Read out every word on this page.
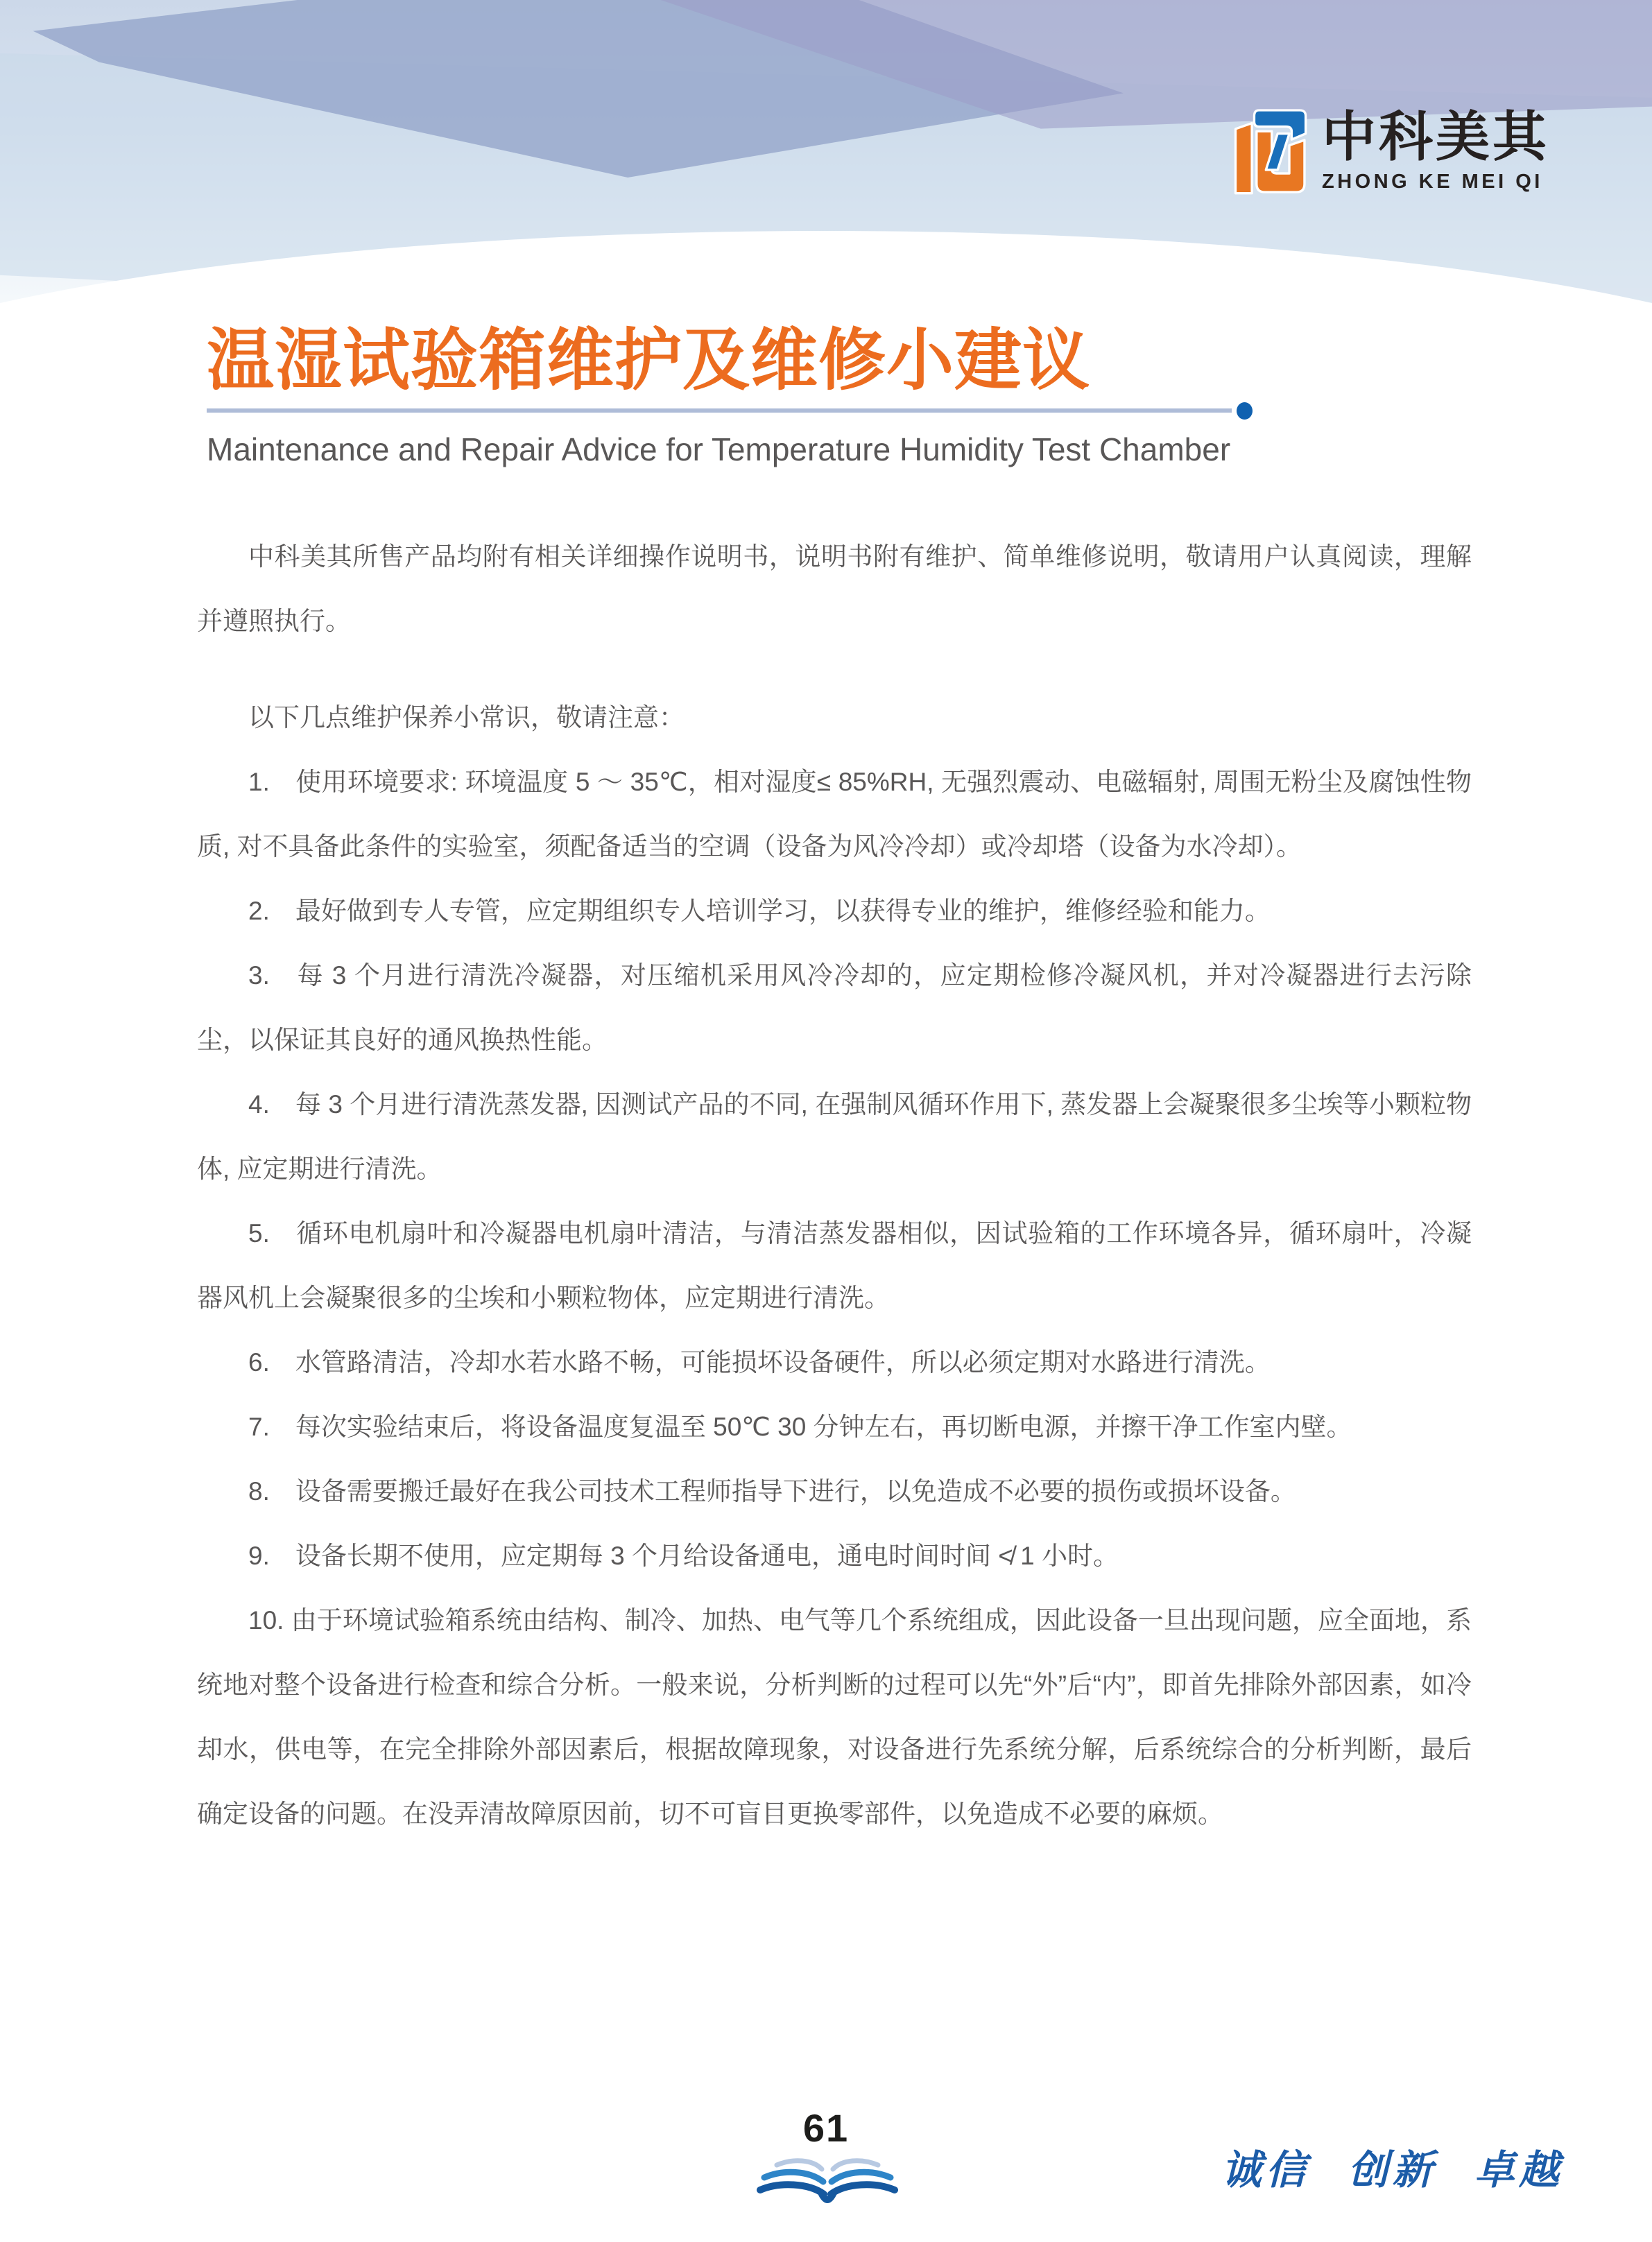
中科美其
ZHONG KE MEI QI
温湿试验箱维护及维修小建议

Maintenance and Repair Advice for Temperature Humidity Test Chamber

中科美其所售产品均附有相关详细操作说明书，说明书附有维护、简单维修说明，敬请用户认真阅读，理解并遵照执行。

以下几点维护保养小常识，敬请注意：

1.　使用环境要求: 环境温度 5 ～ 35℃，相对湿度≤ 85%RH, 无强烈震动、电磁辐射, 周围无粉尘及腐蚀性物质, 对不具备此条件的实验室，须配备适当的空调（设备为风冷冷却）或冷却塔（设备为水冷却）。

2.　最好做到专人专管，应定期组织专人培训学习，以获得专业的维护，维修经验和能力。

3.　每 3 个月进行清洗冷凝器，对压缩机采用风冷冷却的，应定期检修冷凝风机，并对冷凝器进行去污除尘，以保证其良好的通风换热性能。

4.　每 3 个月进行清洗蒸发器, 因测试产品的不同, 在强制风循环作用下, 蒸发器上会凝聚很多尘埃等小颗粒物体, 应定期进行清洗。

5.　循环电机扇叶和冷凝器电机扇叶清洁，与清洁蒸发器相似，因试验箱的工作环境各异，循环扇叶，冷凝器风机上会凝聚很多的尘埃和小颗粒物体，应定期进行清洗。

6.　水管路清洁，冷却水若水路不畅，可能损坏设备硬件，所以必须定期对水路进行清洗。

7.　每次实验结束后，将设备温度复温至 50℃ 30 分钟左右，再切断电源，并擦干净工作室内壁。

8.　设备需要搬迁最好在我公司技术工程师指导下进行，以免造成不必要的损伤或损坏设备。

9.　设备长期不使用，应定期每 3 个月给设备通电，通电时间时间 ≮ 1 小时。

10. 由于环境试验箱系统由结构、制冷、加热、电气等几个系统组成，因此设备一旦出现问题，应全面地，系统地对整个设备进行检查和综合分析。一般来说，分析判断的过程可以先“外”后“内”，即首先排除外部因素，如冷却水，供电等，在完全排除外部因素后，根据故障现象，对设备进行先系统分解，后系统综合的分析判断，最后确定设备的问题。在没弄清故障原因前，切不可盲目更换零部件，以免造成不必要的麻烦。

61
诚信 创新 卓越
